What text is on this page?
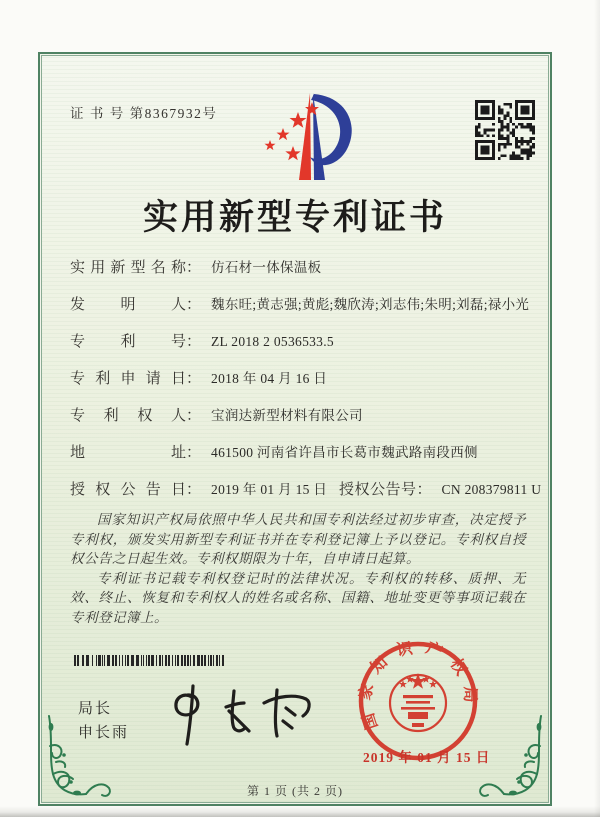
证 书 号 第8367932号
实用新型专利证书
实用新型名称 ： 仿石材一体保温板
发明人 ： 魏东旺;黄志强;黄彪;魏欣涛;刘志伟;朱明;刘磊;禄小光
专利号 ： ZL 2018 2 0536533.5
专利申请日 ： 2018 年 04 月 16 日
专利权人 ： 宝润达新型材料有限公司
地址 ： 461500 河南省许昌市长葛市魏武路南段西侧
授权公告日 ： 2019 年 01 月 15 日 授权公告号 ： CN 208379811 U

国家知识产权局依照中华人民共和国专利法经过初步审查，决定授予专利权，颁发实用新型专利证书并在专利登记簿上予以登记。专利权自授权公告之日起生效。专利权期限为十年，自申请日起算。

专利证书记载专利权登记时的法律状况。专利权的转移、质押、无效、终止、恢复和专利权人的姓名或名称、国籍、地址变更等事项记载在专利登记簿上。

局长
申长雨
国家知识产权局
2019 年 01 月 15 日
第 1 页 (共 2 页)
